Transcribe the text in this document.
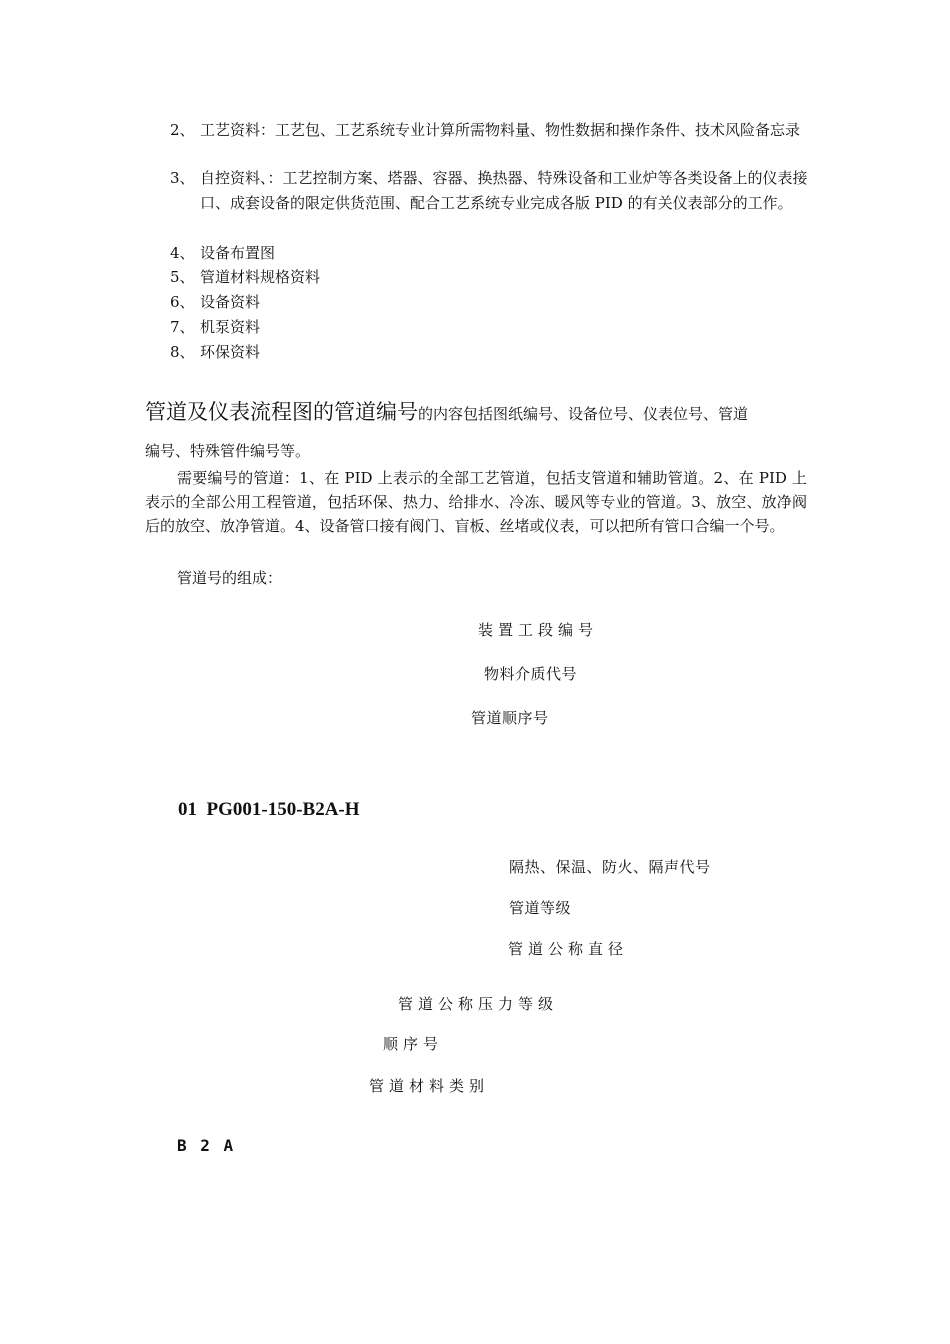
2、 工艺资料：工艺包、工艺系统专业计算所需物料量、物性数据和操作条件、技术风险备忘录
3、 自控资料、：工艺控制方案、塔器、容器、换热器、特殊设备和工业炉等各类设备上的仪表接口、成套设备的限定供货范围、配合工艺系统专业完成各版 PID 的有关仪表部分的工作。
4、 设备布置图
5、 管道材料规格资料
6、 设备资料
7、 机泵资料
8、 环保资料
管道及仪表流程图的管道编号的内容包括图纸编号、设备位号、仪表位号、管道
编号、特殊管件编号等。
需要编号的管道：1、在 PID 上表示的全部工艺管道，包括支管道和辅助管道。2、在 PID 上表示的全部公用工程管道，包括环保、热力、给排水、冷冻、暖风等专业的管道。3、放空、放净阀后的放空、放净管道。4、设备管口接有阀门、盲板、丝堵或仪表，可以把所有管口合编一个号。
管道号的组成：
装置工段编号
物料介质代号
管道顺序号
01  PG001-150-B2A-H
隔热、保温、防火、隔声代号
管道等级
管道公称直径
管道公称压力等级
顺序号
管道材料类别
B 2 A
